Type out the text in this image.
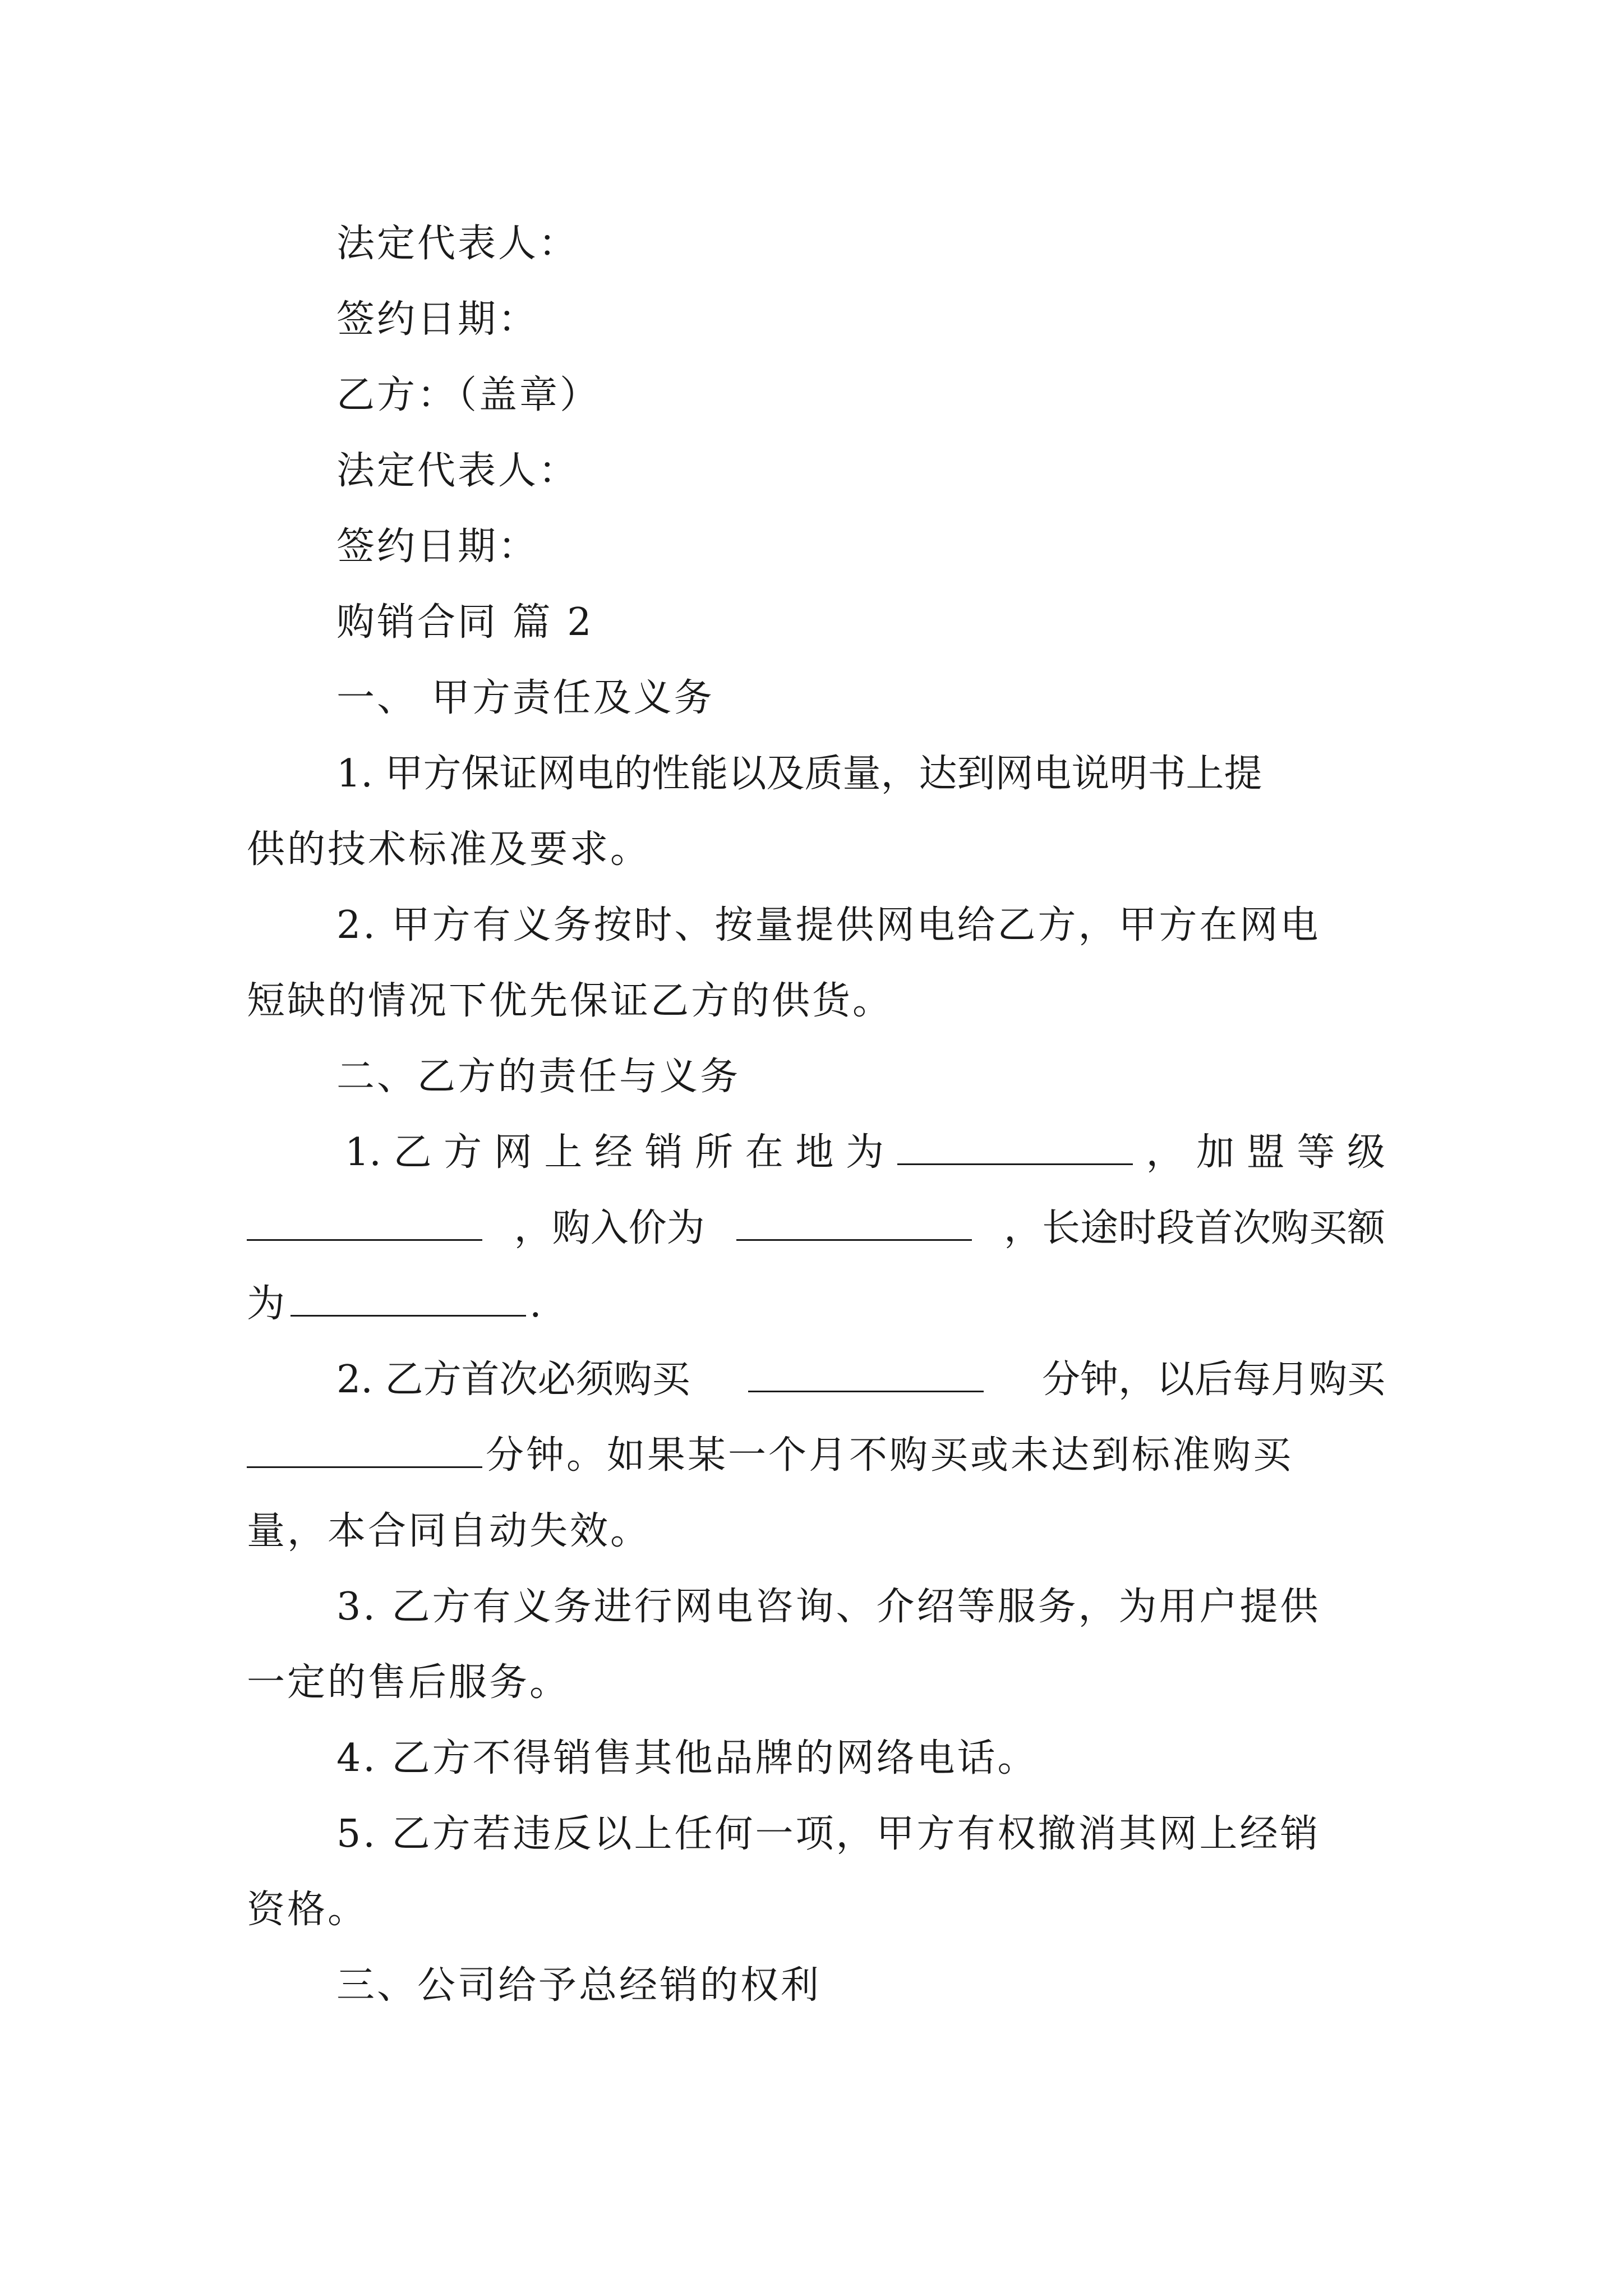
法定代表人：
签约日期：
乙方：（盖章）
法定代表人：
签约日期：
购销合同 篇 2
一、 甲方责任及义务
1. 甲方保证网电的性能以及质量，达到网电说明书上提
供的技术标准及要求。
2. 甲方有义务按时、按量提供网电给乙方，甲方在网电
短缺的情况下优先保证乙方的供货。
二、乙方的责任与义务
1. 乙 方 网 上 经 销 所 在 地 为	， 加 盟 等 级
，购入价为	，长途时段首次购买额
为	.
2. 乙方首次必须购买	分钟，以后每月购买
分钟。如果某一个月不购买或未达到标准购买
量，本合同自动失效。
3. 乙方有义务进行网电咨询、介绍等服务，为用户提供
一定的售后服务。
4. 乙方不得销售其他品牌的网络电话。
5. 乙方若违反以上任何一项，甲方有权撤消其网上经销
资格。
三、公司给予总经销的权利
